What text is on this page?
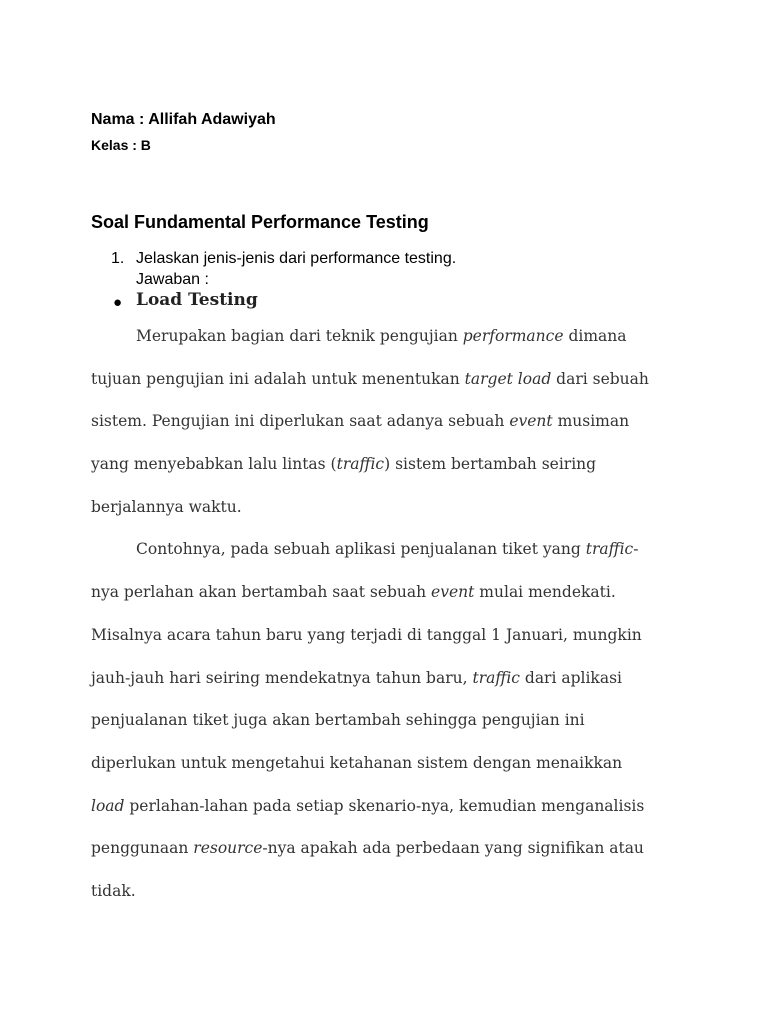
Nama : Allifah Adawiyah

Kelas : B

Soal Fundamental Performance Testing
1. Jelaskan jenis-jenis dari performance testing.
Jawaban :
● Load Testing

Merupakan bagian dari teknik pengujian performance dimana

tujuan pengujian ini adalah untuk menentukan target load dari sebuah

sistem. Pengujian ini diperlukan saat adanya sebuah event musiman

yang menyebabkan lalu lintas (traffic) sistem bertambah seiring

berjalannya waktu.

Contohnya, pada sebuah aplikasi penjualanan tiket yang traffic-

nya perlahan akan bertambah saat sebuah event mulai mendekati.

Misalnya acara tahun baru yang terjadi di tanggal 1 Januari, mungkin

jauh-jauh hari seiring mendekatnya tahun baru, traffic dari aplikasi

penjualanan tiket juga akan bertambah sehingga pengujian ini

diperlukan untuk mengetahui ketahanan sistem dengan menaikkan

load perlahan-lahan pada setiap skenario-nya, kemudian menganalisis

penggunaan resource-nya apakah ada perbedaan yang signifikan atau

tidak.
